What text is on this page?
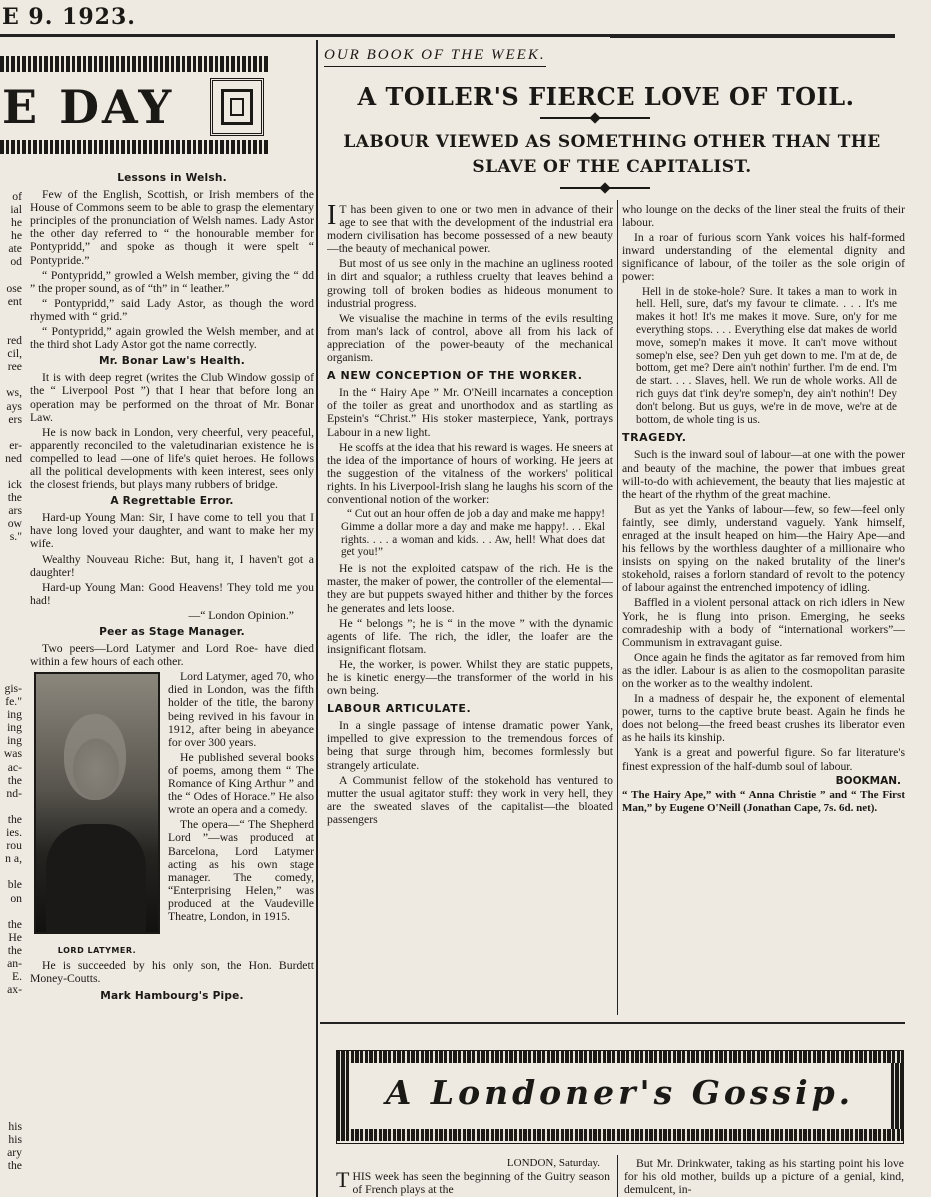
E 9. 1923.
E DAY
of
ial
he
he
ate
od
ose
ent
red
cil,
ree
ws,
ays
ers
er-
ned
ick
the
ars
ow
s."
gis-
fe."
ing
ing
ing
was
ac-
the
nd-
the
ies.
rou
n a,
ble
on
the
He
the
an-
E.
ax-
his
his
ary
the
Lessons in Welsh.

Few of the English, Scottish, or Irish members of the House of Commons seem to be able to grasp the elementary principles of the pronunciation of Welsh names. Lady Astor the other day referred to “ the honourable member for Pontypridd,” and spoke as though it were spelt “ Pontypride.”

“ Pontypridd,” growled a Welsh member, giving the “ dd ” the proper sound, as of “th” in “ leather.”

“ Pontypridd,” said Lady Astor, as though the word rhymed with “ grid.”

“ Pontypridd,” again growled the Welsh member, and at the third shot Lady Astor got the name correctly.

Mr. Bonar Law's Health.

It is with deep regret (writes the Club Window gossip of the “ Liverpool Post ”) that I hear that before long an operation may be performed on the throat of Mr. Bonar Law.

He is now back in London, very cheerful, very peaceful, apparently reconciled to the valetudinarian existence he is compelled to lead —one of life's quiet heroes. He follows all the political developments with keen interest, sees only the closest friends, but plays many rubbers of bridge.

A Regrettable Error.

Hard-up Young Man: Sir, I have come to tell you that I have long loved your daughter, and want to make her my wife.

Wealthy Nouveau Riche: But, hang it, I haven't got a daughter!

Hard-up Young Man: Good Heavens! They told me you had!

—“ London Opinion.”

Peer as Stage Manager.

Two peers—Lord Latymer and Lord Roe- have died within a few hours of each other.

LORD LATYMER.

Lord Latymer, aged 70, who died in London, was the fifth holder of the title, the barony being revived in his favour in 1912, after being in abeyance for over 300 years.

He published several books of poems, among them “ The Romance of King Arthur ” and the “ Odes of Horace.” He also wrote an opera and a comedy.

The opera—“ The Shepherd Lord ”—was produced at Barcelona, Lord Latymer acting as his own stage manager. The comedy, “Enterprising Helen,” was produced at the Vaudeville Theatre, London, in 1915.

He is succeeded by his only son, the Hon. Burdett Money-Coutts.

Mark Hambourg's Pipe.
OUR BOOK OF THE WEEK.
A TOILER'S FIERCE LOVE OF TOIL.
LABOUR VIEWED AS SOMETHING OTHER THAN THE SLAVE OF THE CAPITALIST.

I T has been given to one or two men in advance of their age to see that with the development of the industrial era modern civilisation has become possessed of a new beauty—the beauty of mechanical power.

But most of us see only in the machine an ugliness rooted in dirt and squalor; a ruthless cruelty that leaves behind a growing toll of broken bodies as hideous monument to industrial progress.

We visualise the machine in terms of the evils resulting from man's lack of control, above all from his lack of appreciation of the power-beauty of the mechanical organism.

A NEW CONCEPTION OF THE WORKER.

In the “ Hairy Ape ” Mr. O'Neill incarnates a conception of the toiler as great and unorthodox and as startling as Epstein's “Christ.” His stoker masterpiece, Yank, portrays Labour in a new light.

He scoffs at the idea that his reward is wages. He sneers at the idea of the importance of hours of working. He jeers at the suggestion of the vitalness of the workers' political rights. In his Liverpool-Irish slang he laughs his scorn of the conventional notion of the worker:

“ Cut out an hour offen de job a day and make me happy! Gimme a dollar more a day and make me happy!. . . Ekal rights. . . . a woman and kids. . . Aw, hell! What does dat get you!”

He is not the exploited catspaw of the rich. He is the master, the maker of power, the controller of the elemental—they are but puppets swayed hither and thither by the forces he generates and lets loose.

He “ belongs ”; he is “ in the move ” with the dynamic agents of life. The rich, the idler, the loafer are the insignificant flotsam.

He, the worker, is power. Whilst they are static puppets, he is kinetic energy—the transformer of the world in his own being.

LABOUR ARTICULATE.

In a single passage of intense dramatic power Yank, impelled to give expression to the tremendous forces of being that surge through him, becomes formlessly but strangely articulate.

A Communist fellow of the stokehold has ventured to mutter the usual agitator stuff: they work in very hell, they are the sweated slaves of the capitalist—the bloated passengers

who lounge on the decks of the liner steal the fruits of their labour.

In a roar of furious scorn Yank voices his half-formed inward understanding of the elemental dignity and significance of labour, of the toiler as the sole origin of power:

Hell in de stoke-hole? Sure. It takes a man to work in hell. Hell, sure, dat's my favour te climate. . . . It's me makes it hot! It's me makes it move. Sure, on'y for me everything stops. . . . Everything else dat makes de world move, somep'n makes it move. It can't move without somep'n else, see? Den yuh get down to me. I'm at de, de bottom, get me? Dere ain't nothin' further. I'm de end. I'm de start. . . . Slaves, hell. We run de whole works. All de rich guys dat t'ink dey're somep'n, dey ain't nothin'! Dey don't belong. But us guys, we're in de move, we're at de bottom, de whole ting is us.

TRAGEDY.

Such is the inward soul of labour—at one with the power and beauty of the machine, the power that imbues great will-to-do with achievement, the beauty that lies majestic at the heart of the rhythm of the great machine.

But as yet the Yanks of labour—few, so few—feel only faintly, see dimly, understand vaguely. Yank himself, enraged at the insult heaped on him—the Hairy Ape—and his fellows by the worthless daughter of a millionaire who insists on spying on the naked brutality of the liner's stokehold, raises a forlorn standard of revolt to the potency of labour against the entrenched impotency of idling.

Baffled in a violent personal attack on rich idlers in New York, he is flung into prison. Emerging, he seeks comradeship with a body of “international workers”—Communism in extravagant guise.

Once again he finds the agitator as far removed from him as the idler. Labour is as alien to the cosmopolitan parasite on the worker as to the wealthy indolent.

In a madness of despair he, the exponent of elemental power, turns to the captive brute beast. Again he finds he does not belong—the freed beast crushes its liberator even as he hails its kinship.

Yank is a great and powerful figure. So far literature's finest expression of the half-dumb soul of labour.

BOOKMAN.

“ The Hairy Ape,” with “ Anna Christie ” and “ The First Man,” by Eugene O'Neill (Jonathan Cape, 7s. 6d. net).

A Londoner's Gossip.
LONDON, Saturday.

THIS week has seen the beginning of the Guitry season of French plays at the

But Mr. Drinkwater, taking as his starting point his love for his old mother, builds up a picture of a genial, kind, demulcent, in-
